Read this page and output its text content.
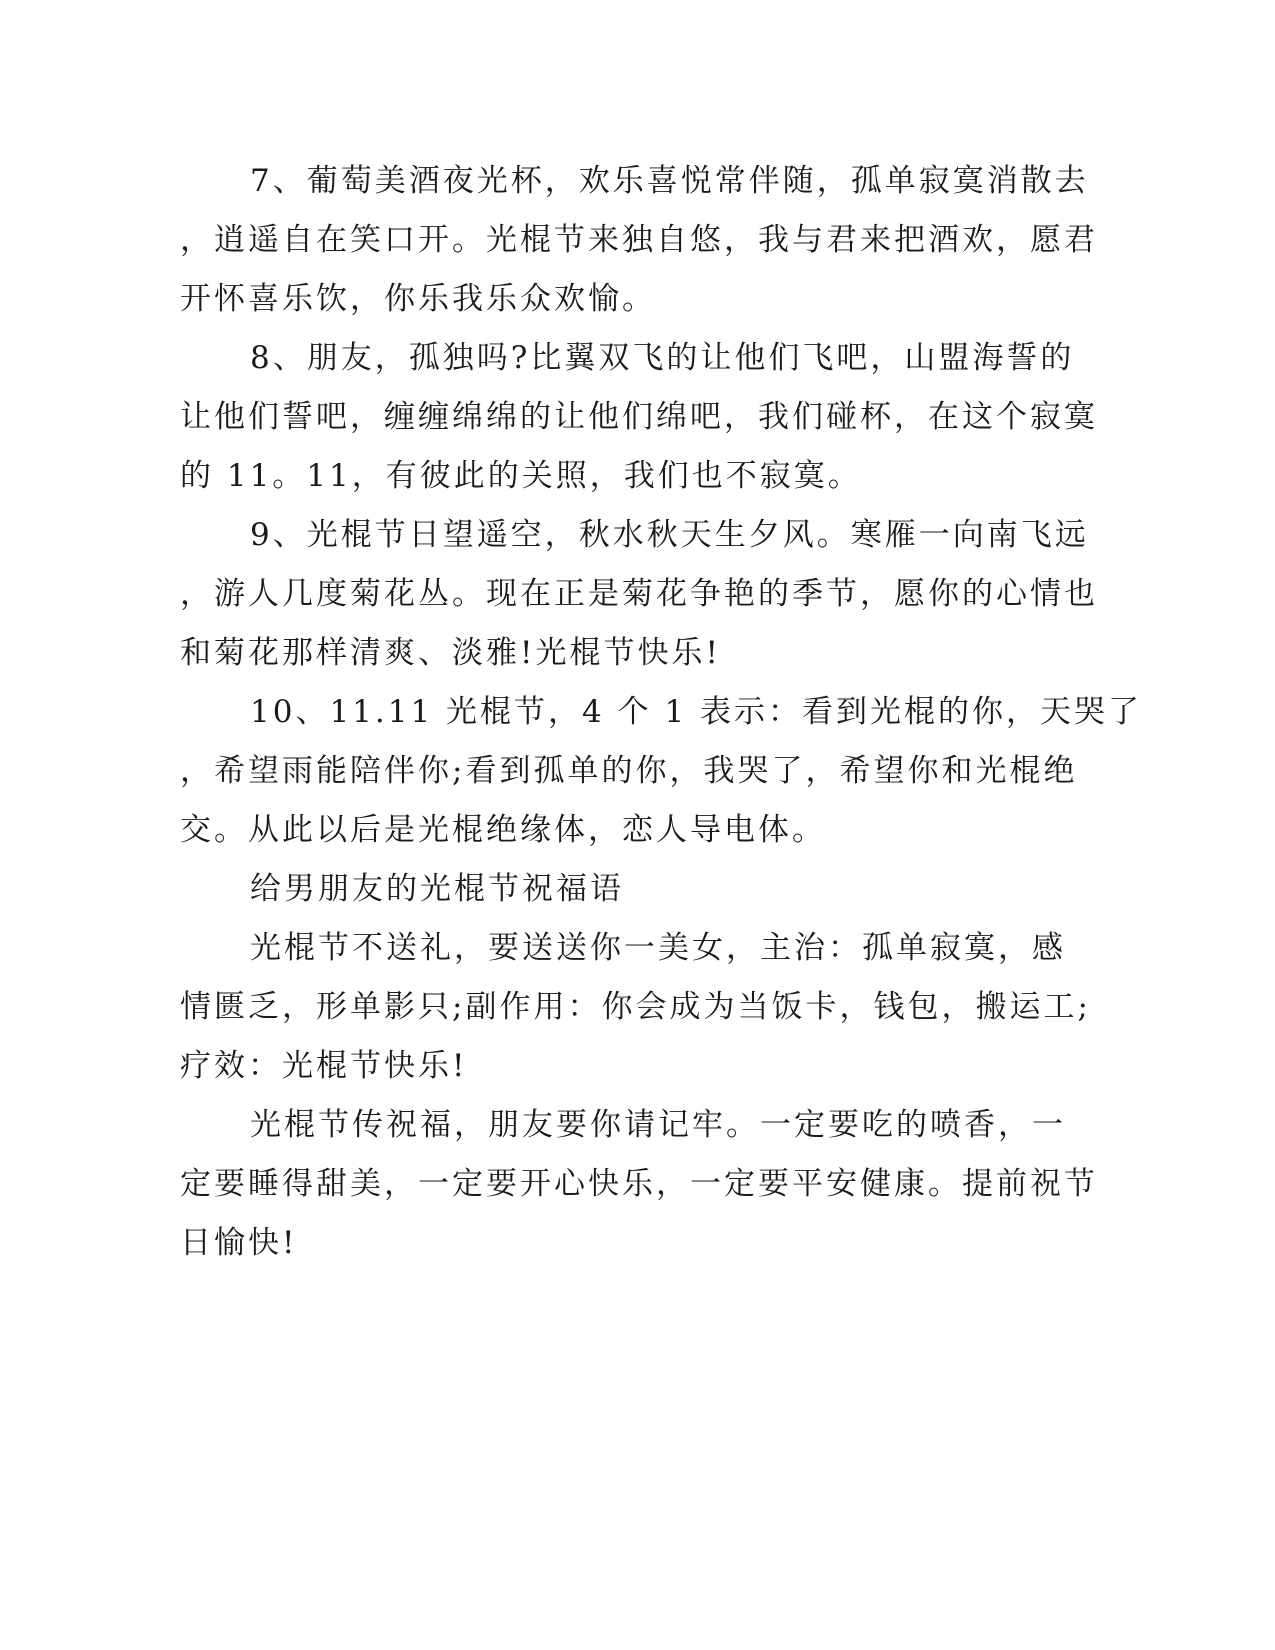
7、葡萄美酒夜光杯，欢乐喜悦常伴随，孤单寂寞消散去
，逍遥自在笑口开。光棍节来独自悠，我与君来把酒欢，愿君
开怀喜乐饮，你乐我乐众欢愉。
8、朋友，孤独吗?比翼双飞的让他们飞吧，山盟海誓的
让他们誓吧，缠缠绵绵的让他们绵吧，我们碰杯，在这个寂寞
的 11。11，有彼此的关照，我们也不寂寞。
9、光棍节日望遥空，秋水秋天生夕风。寒雁一向南飞远
，游人几度菊花丛。现在正是菊花争艳的季节，愿你的心情也
和菊花那样清爽、淡雅!光棍节快乐!
10、11.11 光棍节，4 个 1 表示：看到光棍的你，天哭了
，希望雨能陪伴你;看到孤单的你，我哭了，希望你和光棍绝
交。从此以后是光棍绝缘体，恋人导电体。
给男朋友的光棍节祝福语
光棍节不送礼，要送送你一美女，主治：孤单寂寞，感
情匮乏，形单影只;副作用：你会成为当饭卡，钱包，搬运工;
疗效：光棍节快乐!
光棍节传祝福，朋友要你请记牢。一定要吃的喷香，一
定要睡得甜美，一定要开心快乐，一定要平安健康。提前祝节
日愉快!
